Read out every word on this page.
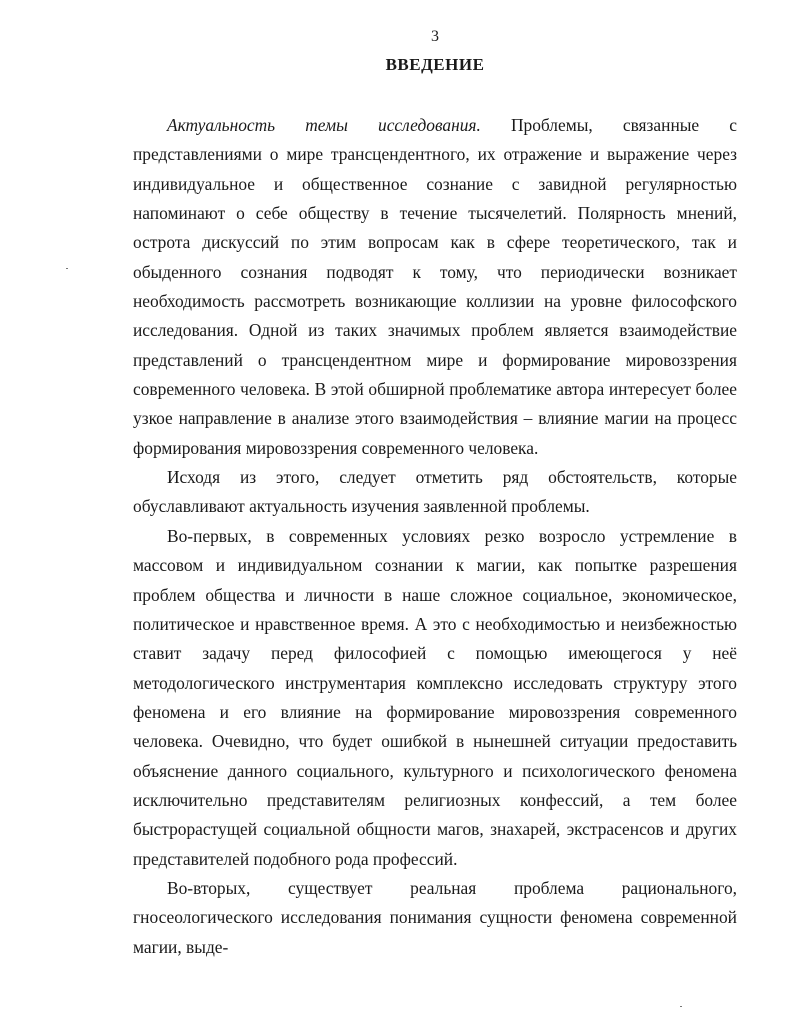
3
ВВЕДЕНИЕ

Актуальность темы исследования. Проблемы, связанные с представлениями о мире трансцендентного, их отражение и выражение через индивидуальное и общественное сознание с завидной регулярностью напоминают о себе обществу в течение тысячелетий. Полярность мнений, острота дискуссий по этим вопросам как в сфере теоретического, так и обыденного сознания подводят к тому, что периодически возникает необходимость рассмотреть возникающие коллизии на уровне философского исследования. Одной из таких значимых проблем является взаимодействие представлений о трансцендентном мире и формирование мировоззрения современного человека. В этой обширной проблематике автора интересует более узкое направление в анализе этого взаимодействия – влияние магии на процесс формирования мировоззрения современного человека.

Исходя из этого, следует отметить ряд обстоятельств, которые обуславливают актуальность изучения заявленной проблемы.

Во-первых, в современных условиях резко возросло устремление в массовом и индивидуальном сознании к магии, как попытке разрешения проблем общества и личности в наше сложное социальное, экономическое, политическое и нравственное время. А это с необходимостью и неизбежностью ставит задачу перед философией с помощью имеющегося у неё методологического инструментария комплексно исследовать структуру этого феномена и его влияние на формирование мировоззрения современного человека. Очевидно, что будет ошибкой в нынешней ситуации предоставить объяснение данного социального, культурного и психологического феномена исключительно представителям религиозных конфессий, а тем более быстрорастущей социальной общности магов, знахарей, экстрасенсов и других представителей подобного рода профессий.

Во-вторых, существует реальная проблема рационального, гносеологического исследования понимания сущности феномена современной магии, выде-
